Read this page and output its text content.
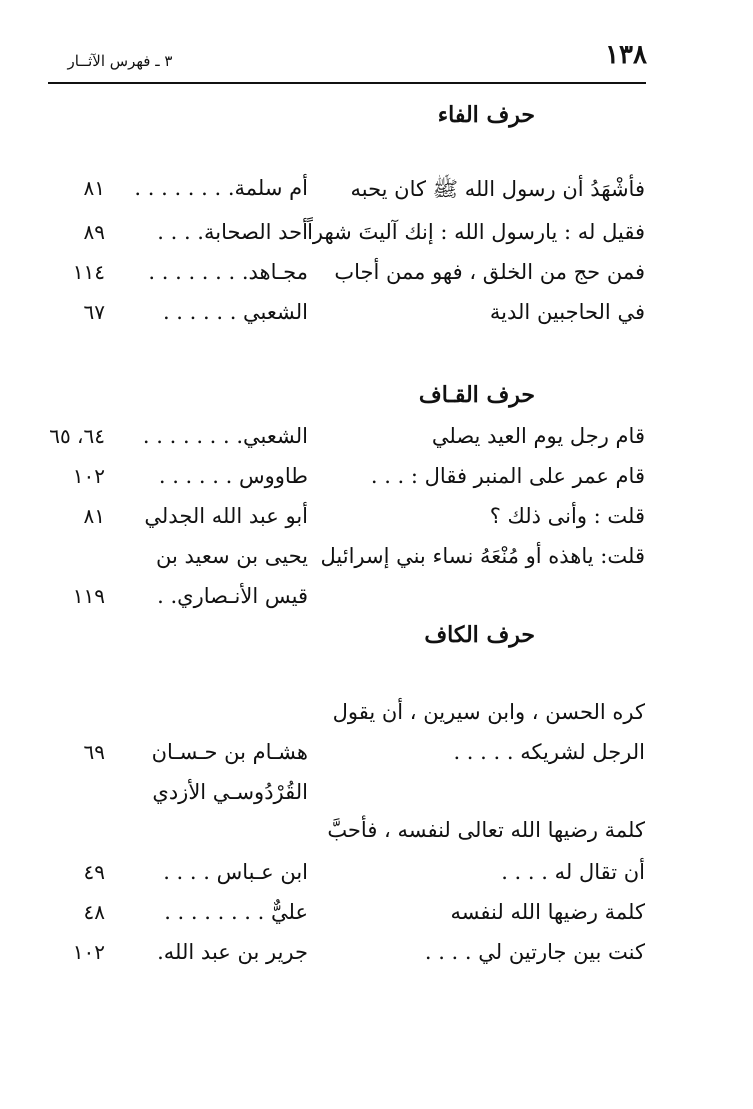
١٣٨
٣ ـ فهرس الآثــار
حرف الفاء
فأشْهَدُ أن رسول الله ﷺ كان يحبه
أم سلمة. . . . . . . .
٨١
فقيل له : يارسول الله : إنك آليتَ شهراً
أحد الصحابة. . . .
٨٩
فمن حج من الخلق ، فهو ممن أجاب
مجـاهد. . . . . . . .
١١٤
في الحاجبين الدية
الشعبي . . . . . .
٦٧
حرف القـاف
قام رجل يوم العيد يصلي
الشعبي. . . . . . . .
٦٤، ٦٥
قام عمر على المنبر فقال : . . .
طاووس . . . . . .
١٠٢
قلت : وأنى ذلك ؟
أبو عبد الله الجدلي
٨١
قلت: ياهذه أو مُنْعَهُ نساء بني إسرائيل
يحيى بن سعيد بن
قيس الأنـصاري. .
١١٩
حرف الكاف
كره الحسن ، وابن سيرين ، أن يقول
الرجل لشريكه . . . . .
هشـام بن حـسـان
٦٩
القُرْدُوسـي الأزدي
كلمة رضيها الله تعالى لنفسه ، فأحبَّ
أن تقال له . . . .
ابن عـباس . . . .
٤٩
كلمة رضيها الله لنفسه
عليٌّ . . . . . . . .
٤٨
كنت بين جارتين لي . . . .
جرير بن عبد الله.
١٠٢
